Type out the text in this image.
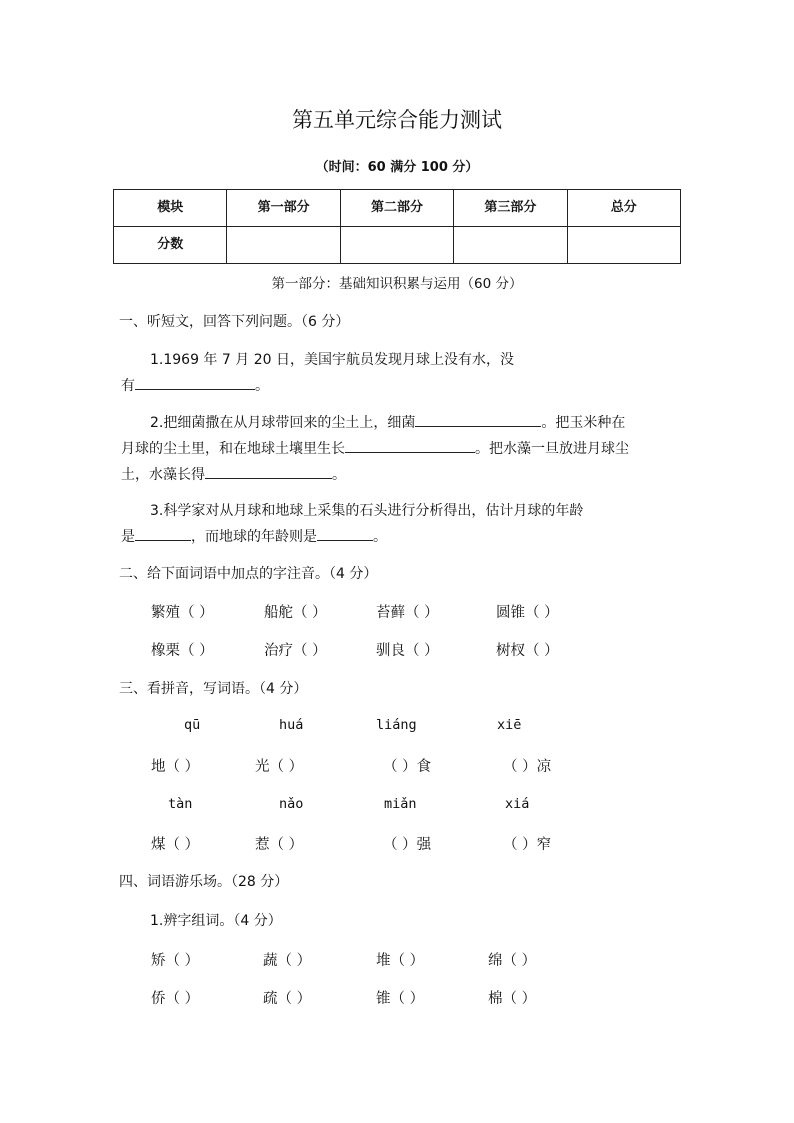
第五单元综合能力测试
（时间：60 满分 100 分）
模块	第一部分	第二部分	第三部分	总分
分数				
第一部分：基础知识积累与运用（60 分）
一、听短文，回答下列问题。（6 分）
1.1969 年 7 月 20 日，美国宇航员发现月球上没有水，没
有	。
2.把细菌撒在从月球带回来的尘土上，细菌	。把玉米种在
月球的尘土里，和在地球土壤里生长	。把水藻一旦放进月球尘
土，水藻长得	。
3.科学家对从月球和地球上采集的石头进行分析得出，估计月球的年龄
是	，而地球的年龄则是	。
二、给下面词语中加点的字注音。（4 分）
繁殖（ ）	船舵（ ）	苔藓（ ）	圆锥（ ）
橡栗（ ）	治疗（ ）	驯良（ ）	树杈（ ）
三、看拼音，写词语。（4 分）
qū	huá	liáng	xiē
地（ ）	光（ ）	（ ）食	（ ）凉
tàn	nǎo	miǎn	xiá
煤（ ）	惹（ ）	（ ）强	（ ）窄
四、词语游乐场。（28 分）
1.辨字组词。（4 分）
矫（ ）	蔬（ ）	堆（ ）	绵（ ）
侨（ ）	疏（ ）	锥（ ）	棉（ ）
